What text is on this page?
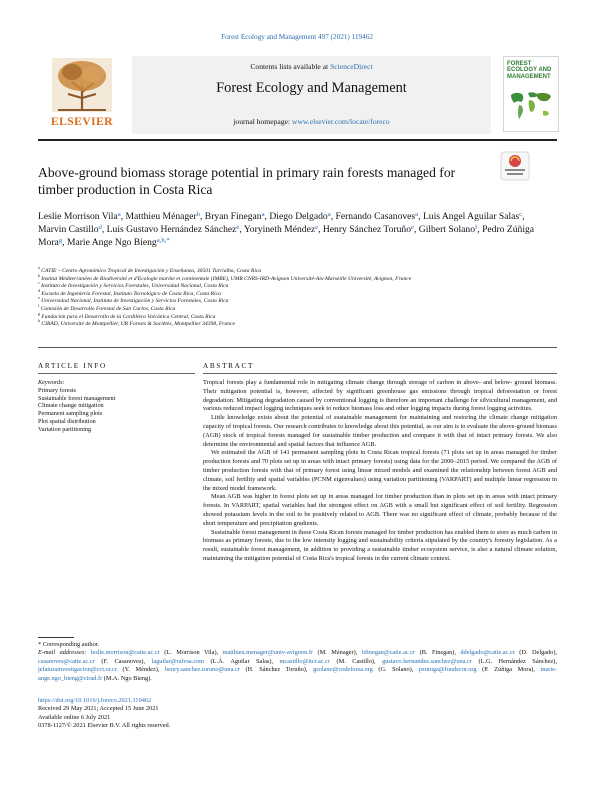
Forest Ecology and Management 497 (2021) 119462
ELSEVIER
Contents lists available at ScienceDirect
Forest Ecology and Management
journal homepage: www.elsevier.com/locate/foreco
FOREST ECOLOGY AND MANAGEMENT
Above-ground biomass storage potential in primary rain forests managed for timber production in Costa Rica
Leslie Morrison Vila$^a$, Matthieu Ménager$^b$, Bryan Finegan$^a$, Diego Delgado$^a$, Fernando Casanoves$^a$, Luis Angel Aguilar Salas$^c$, Marvin Castillo$^d$, Luis Gustavo Hernández Sánchez$^e$, Yoryineth Méndez$^e$, Henry Sánchez Toruño$^e$, Gilbert Solano$^f$, Pedro Zúñiga Mora$^g$, Marie Ange Ngo Bieng$^{a,h,*}$
$^a$ CATIE – Centro Agronómico Tropical de Investigación y Enseñanza, 30501 Turrialba, Costa Rica
$^b$ Institut Méditerranéen de Biodiversité et d'Ecologie marine et continentale (IMBE), UMR CNRS-IRD-Avignon Université-Aix-Marseille Université, Avignon, France
$^c$ Instituto de Investigación y Servicios Forestales, Universidad Nacional, Costa Rica
$^d$ Escuela de Ingeniería Forestal, Instituto Tecnológico de Costa Rica, Costa Rica
$^e$ Universidad Nacional, Instituto de Investigación y Servicios Forestales, Costa Rica
$^f$ Comisión de Desarrollo Forestal de San Carlos, Costa Rica
$^g$ Fundación para el Desarrollo de la Cordillera Volcánica Central, Costa Rica
$^h$ CIRAD, Université de Montpellier, UR Forests & Sociétés, Montpellier 34398, France
ARTICLE INFO	ABSTRACT
Keywords:
Primary forests
Sustainable forest management
Climate change mitigation
Permanent sampling plots
Plot spatial distribution
Variation partitioning

Tropical forests play a fundamental role in mitigating climate change through storage of carbon in above- and below- ground biomass. Their mitigation potential is, however, affected by significant greenhouse gas emissions through tropical deforestation or forest degradation. Mitigating degradation caused by conventional logging is therefore an important challenge for silvicultural management, and various reduced impact logging techniques seek to reduce biomass loss and other logging impacts during forest logging activities.

Little knowledge exists about the potential of sustainable management for maintaining and restoring the climate change mitigation capacity of tropical forests. Our research contributes to knowledge about this potential, as our aim is to evaluate the above-ground biomass (AGB) stock of tropical forests managed for sustainable timber production and compare it with that of intact primary forests. We also determine the environmental and spatial factors that influence AGB.

We estimated the AGB of 141 permanent sampling plots in Costa Rican tropical forests (71 plots set up in areas managed for timber production forests and 70 plots set up in areas with intact primary forests) using data for the 2000–2015 period. We compared the AGB of timber production forests with that of primary forest using linear mixed models and examined the relationship between forest AGB and climate, soil fertility and spatial variables (PCNM eigenvalues) using variation partitioning (VARPART) and multiple linear regression in the mixed model framework.

Mean AGB was higher in forest plots set up in areas managed for timber production than in plots set up in areas with intact primary forests. In VARPART, spatial variables had the strongest effect on AGB with a small but significant effect of soil fertility. Regression showed potassium levels in the soil to be positively related to AGB. There was no significant effect of climate, probably because of the short temperature and precipitation gradients.

Sustainable forest management in these Costa Rican forests managed for timber production has enabled them to store as much carbon in biomass as primary forests, due to the low intensity logging and sustainability criteria stipulated by the country's forestry legislation. As a result, sustainable forest management, in addition to providing a sustainable timber ecosystem service, is also a natural climate solution, maintaining the mitigation potential of Costa Rica's tropical forests in the current climate context.

* Corresponding author.

E-mail addresses: leslie.morrison@catie.ac.cr (L. Morrison Vila), matthieu.menager@univ-avignon.fr (M. Ménager), bfinegan@catie.ac.cr (B. Finegan), ddelgado@catie.ac.cr (D. Delgado), casanoves@catie.ac.cr (F. Casanoves), laguilar@ralvsa.com (L.Á. Aguilar Salas), mcastillo@itcr.ac.cr (M. Castillo), gustavo.hernandez.sanchez@una.cr (L.G. Hernández Sánchez), jefaturainvestigacion@cct.or.cr (Y. Méndez), henry.sanchez.toruno@una.cr (H. Sánchez Toruño), gsolano@codeforsa.org (G. Solano), pzuniga@fundecor.org (P. Zúñiga Mora), marie-ange.ngo_bieng@cirad.fr (M.A. Ngo Bieng).

https://doi.org/10.1016/j.foreco.2021.119462
Received 29 May 2021; Accepted 15 June 2021
Available online 6 July 2021
0378-1127/© 2021 Elsevier B.V. All rights reserved.
